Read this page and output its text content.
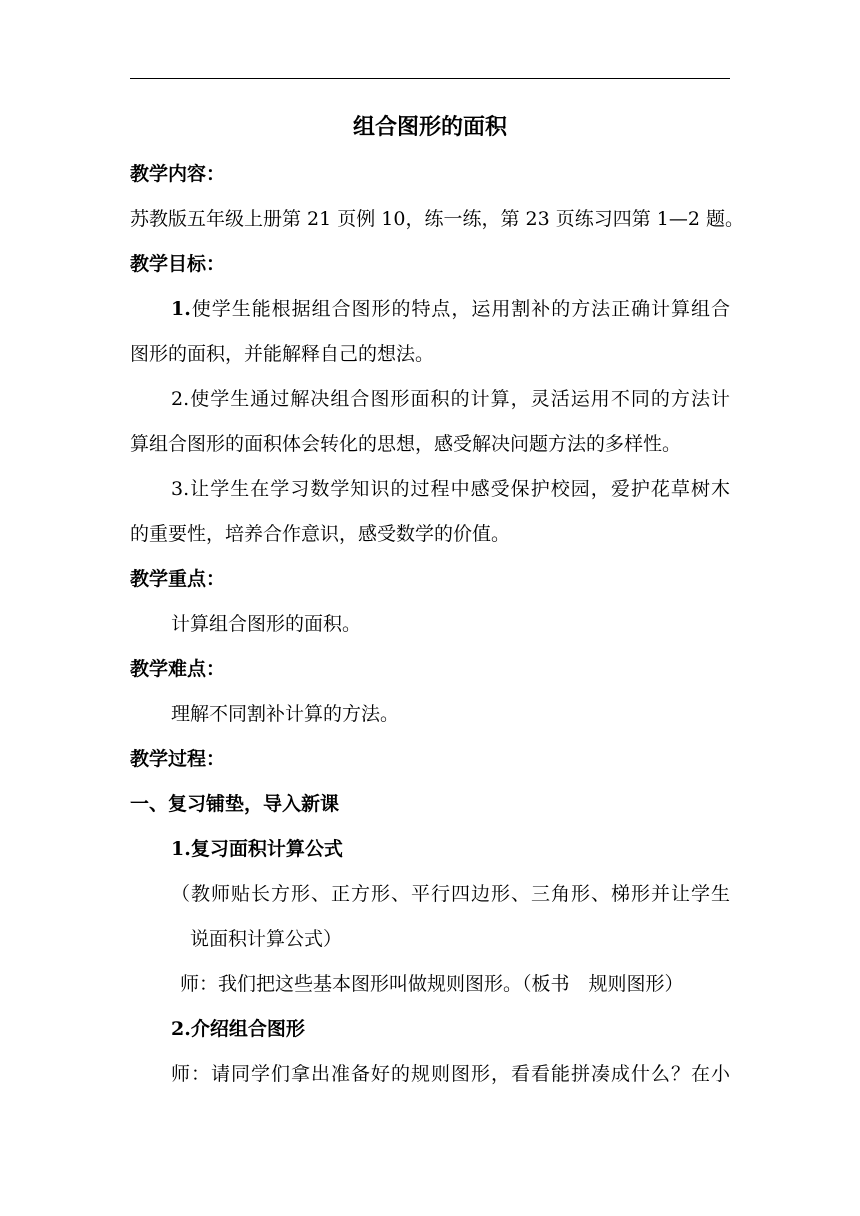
组合图形的面积
教学内容：
苏教版五年级上册第 21 页例 10，练一练，第 23 页练习四第 1—2 题。
教学目标：
1.使学生能根据组合图形的特点，运用割补的方法正确计算组合
图形的面积，并能解释自己的想法。
2.使学生通过解决组合图形面积的计算，灵活运用不同的方法计
算组合图形的面积体会转化的思想，感受解决问题方法的多样性。
3.让学生在学习数学知识的过程中感受保护校园，爱护花草树木
的重要性，培养合作意识，感受数学的价值。
教学重点：
计算组合图形的面积。
教学难点：
理解不同割补计算的方法。
教学过程：
一、复习铺垫，导入新课
1.复习面积计算公式
（教师贴长方形、正方形、平行四边形、三角形、梯形并让学生
说面积计算公式）
师：我们把这些基本图形叫做规则图形。（板书　规则图形）
2.介绍组合图形
师：请同学们拿出准备好的规则图形，看看能拼凑成什么？在小
